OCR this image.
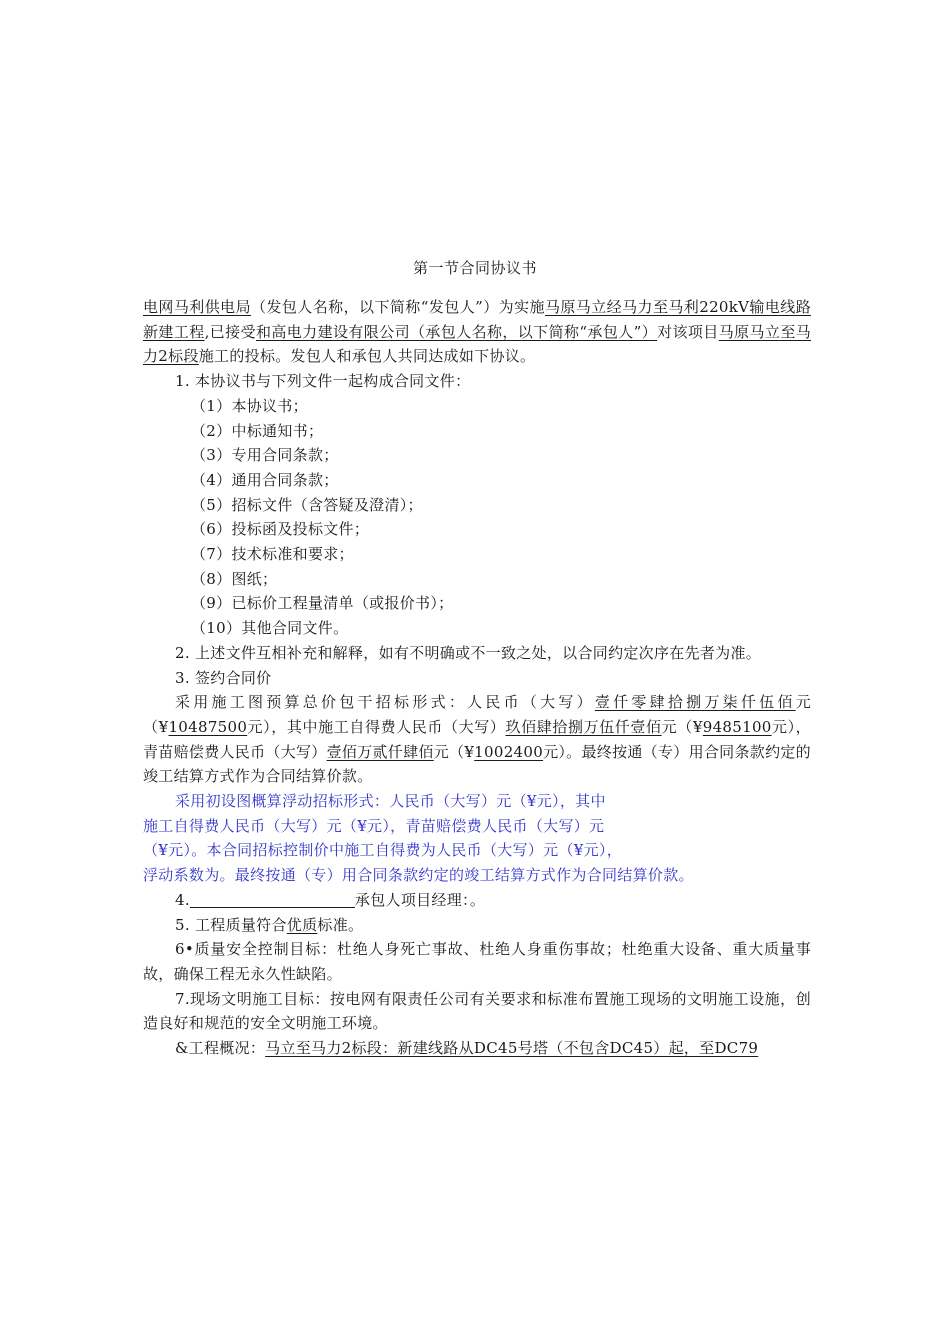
第一节合同协议书

电网马利供电局（发包人名称，以下简称“发包人”）为实施马原马立经马力至马利220kV输电线路新建工程,已接受和高电力建设有限公司（承包人名称，以下简称“承包人”）对该项目马原马立至马力2标段施工的投标。发包人和承包人共同达成如下协议。

1. 本协议书与下列文件一起构成合同文件：

（1）本协议书；

（2）中标通知书；

（3）专用合同条款；

（4）通用合同条款；

（5）招标文件（含答疑及澄清）；

（6）投标函及投标文件；

（7）技术标准和要求；

（8）图纸；

（9）已标价工程量清单（或报价书）；

（10）其他合同文件。

2. 上述文件互相补充和解释，如有不明确或不一致之处，以合同约定次序在先者为准。

3. 签约合同价

采用施工图预算总价包干招标形式：人民币（大写）壹仟零肆拾捌万柒仟伍佰元（¥10487500元），其中施工自得费人民币（大写）玖佰肆拾捌万伍仟壹佰元（¥9485100元），青苗赔偿费人民币（大写）壹佰万贰仟肆佰元（¥1002400元）。最终按通（专）用合同条款约定的竣工结算方式作为合同结算价款。

采用初设图概算浮动招标形式：人民币（大写）元（¥元），其中

施工自得费人民币（大写）元（¥元），青苗赔偿费人民币（大写）元

（¥元）。本合同招标控制价中施工自得费为人民币（大写）元（¥元），

浮动系数为。最终按通（专）用合同条款约定的竣工结算方式作为合同结算价款。

4.	承包人项目经理：。

5. 工程质量符合优质标准。

6•质量安全控制目标：杜绝人身死亡事故、杜绝人身重伤事故；杜绝重大设备、重大质量事故，确保工程无永久性缺陷。

7.现场文明施工目标：按电网有限责任公司有关要求和标准布置施工现场的文明施工设施，创造良好和规范的安全文明施工环境。

&工程概况：马立至马力2标段：新建线路从DC45号塔（不包含DC45）起，至DC79
